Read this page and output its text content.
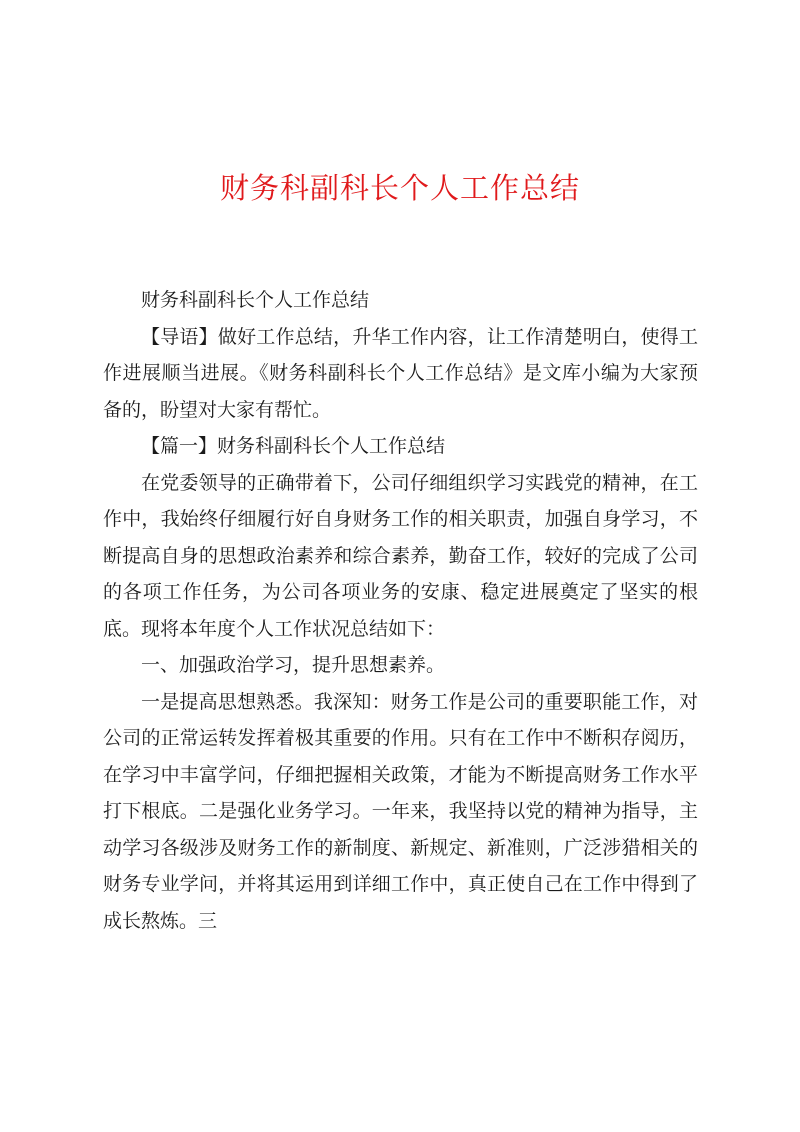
财务科副科长个人工作总结

财务科副科长个人工作总结

【导语】做好工作总结，升华工作内容，让工作清楚明白，使得工作进展顺当进展。《财务科副科长个人工作总结》是文库小编为大家预备的，盼望对大家有帮忙。

【篇一】财务科副科长个人工作总结

在党委领导的正确带着下，公司仔细组织学习实践党的精神，在工作中，我始终仔细履行好自身财务工作的相关职责，加强自身学习，不断提高自身的思想政治素养和综合素养，勤奋工作，较好的完成了公司的各项工作任务，为公司各项业务的安康、稳定进展奠定了坚实的根底。现将本年度个人工作状况总结如下：

一、加强政治学习，提升思想素养。

一是提高思想熟悉。我深知：财务工作是公司的重要职能工作，对公司的正常运转发挥着极其重要的作用。只有在工作中不断积存阅历，在学习中丰富学问，仔细把握相关政策，才能为不断提高财务工作水平打下根底。二是强化业务学习。一年来，我坚持以党的精神为指导，主动学习各级涉及财务工作的新制度、新规定、新准则，广泛涉猎相关的财务专业学问，并将其运用到详细工作中，真正使自己在工作中得到了成长熬炼。三
